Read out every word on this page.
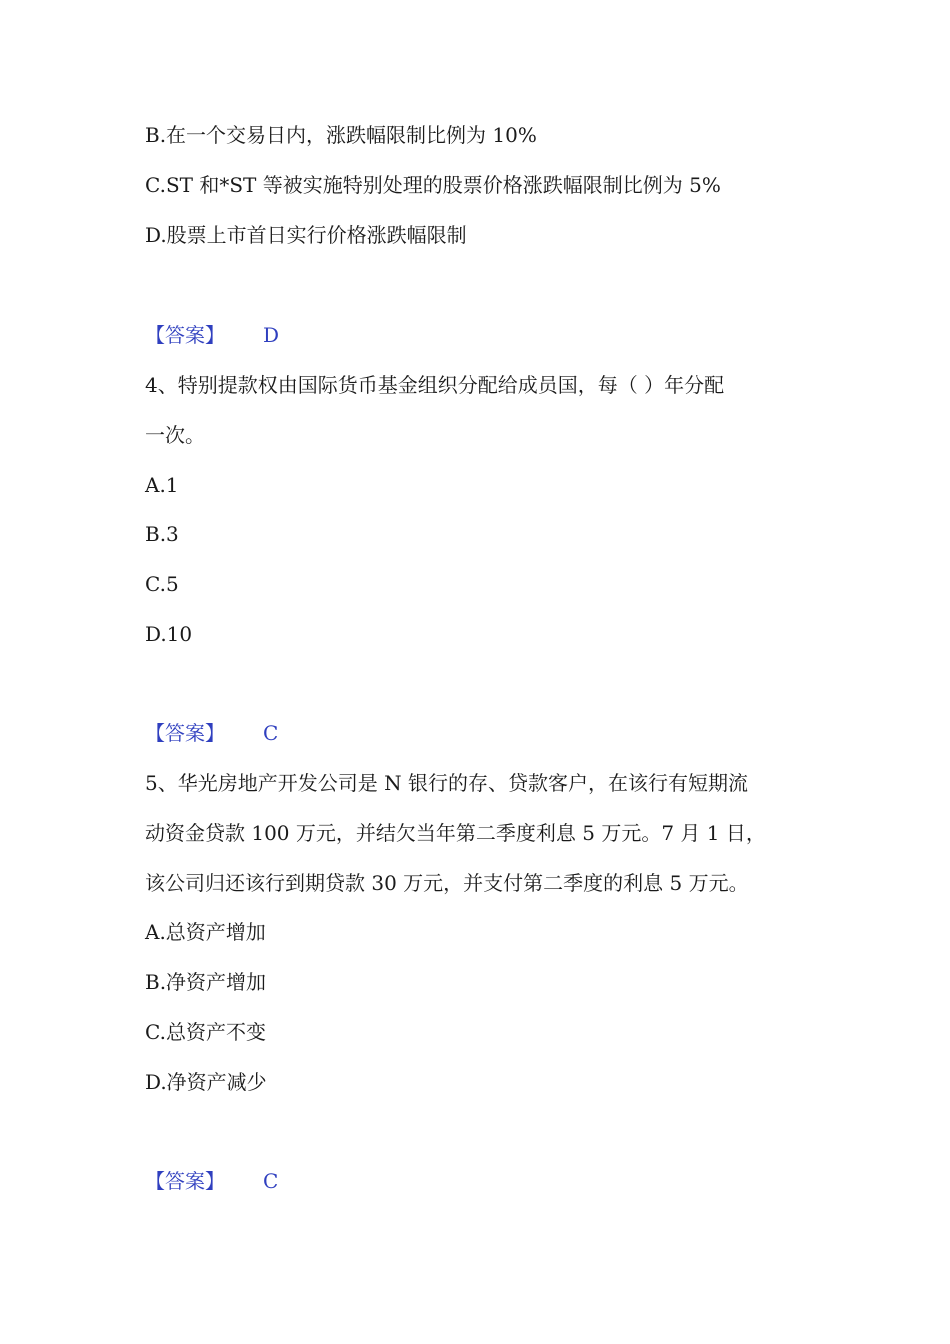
B.在一个交易日内，涨跌幅限制比例为 10%
C.ST 和*ST 等被实施特别处理的股票价格涨跌幅限制比例为 5%
D.股票上市首日实行价格涨跌幅限制
【答案】 D
4、特别提款权由国际货币基金组织分配给成员国，每（ ）年分配
一次。
A.1
B.3
C.5
D.10
【答案】 C
5、华光房地产开发公司是 N 银行的存、贷款客户，在该行有短期流
动资金贷款 100 万元，并结欠当年第二季度利息 5 万元。7 月 1 日，
该公司归还该行到期贷款 30 万元，并支付第二季度的利息 5 万元。
A.总资产增加
B.净资产增加
C.总资产不变
D.净资产减少
【答案】 C
